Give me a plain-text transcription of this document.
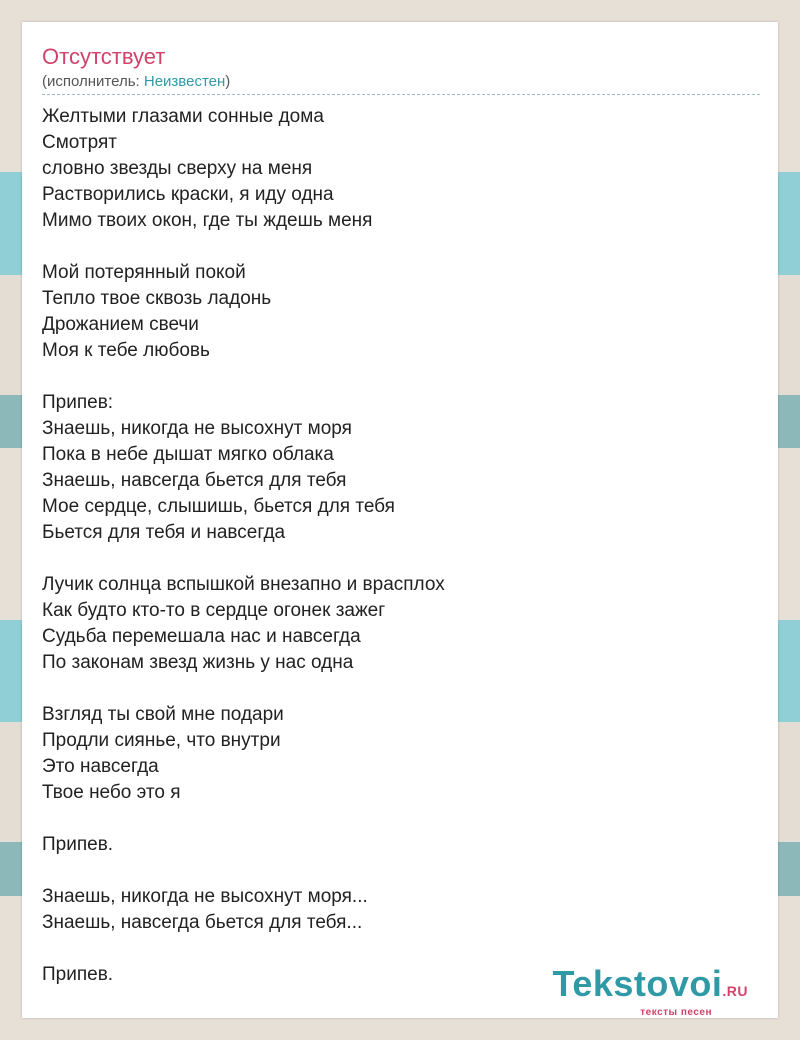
Отсутствует
(исполнитель: Неизвестен)
Желтыми глазами сонные дома
Смотрят
словно звезды сверху на меня
Растворились краски, я иду одна
Мимо твоих окон, где ты ждешь меня
Мой потерянный покой
Тепло твое сквозь ладонь
Дрожанием свечи
Моя к тебе любовь
Припев:
Знаешь, никогда не высохнут моря
Пока в небе дышат мягко облака
Знаешь, навсегда бьется для тебя
Мое сердце, слышишь, бьется для тебя
Бьется для тебя и навсегда
Лучик солнца вспышкой внезапно и врасплох
Как будто кто-то в сердце огонек зажег
Судьба перемешала нас и навсегда
По законам звезд жизнь у нас одна
Взгляд ты свой мне подари
Продли сиянье, что внутри
Это навсегда
Твое небо это я
Припев.
Знаешь, никогда не высохнут моря...
Знаешь, навсегда бьется для тебя...
Припев.	Tekstovoi.RU
тексты песен
